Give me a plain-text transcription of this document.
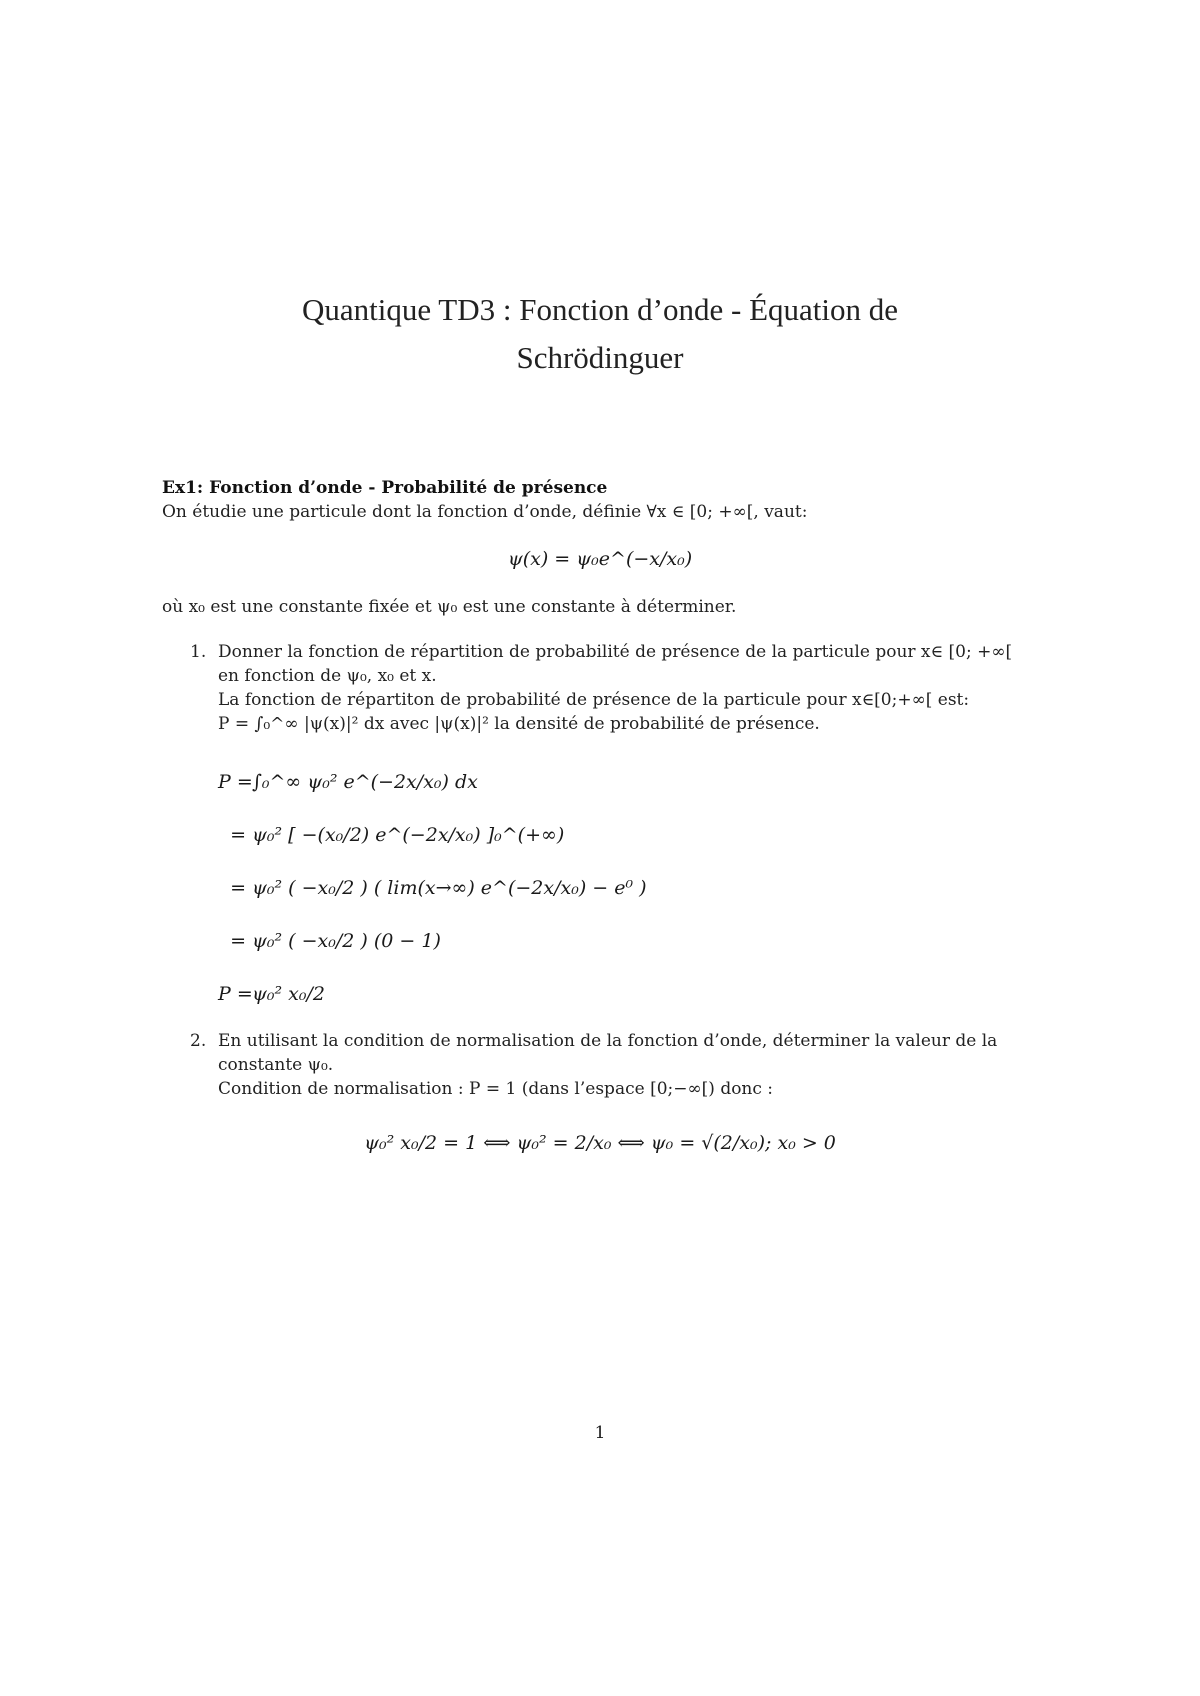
Quantique TD3 : Fonction d’onde - Équation de
Schrödinguer
Ex1: Fonction d’onde - Probabilité de présence
On étudie une particule dont la fonction d’onde, définie ∀x ∈ [0; +∞[, vaut:
ψ(x) = ψ₀e^(−x/x₀)
où x₀ est une constante fixée et ψ₀ est une constante à déterminer.
1. Donner la fonction de répartition de probabilité de présence de la particule pour x∈ [0; +∞[
en fonction de ψ₀, x₀ et x.
La fonction de répartiton de probabilité de présence de la particule pour x∈[0;+∞[ est:
P = ∫₀^∞ |ψ(x)|² dx avec |ψ(x)|² la densité de probabilité de présence.
P = ∫₀^∞ ψ₀² e^(−2x/x₀) dx
= ψ₀² [ −(x₀/2) e^(−2x/x₀) ]₀^(+∞)
= ψ₀² ( −x₀/2 ) ( lim(x→∞) e^(−2x/x₀) − e⁰ )
= ψ₀² ( −x₀/2 ) (0 − 1)
P = ψ₀² x₀/2
2. En utilisant la condition de normalisation de la fonction d’onde, déterminer la valeur de la
constante ψ₀.
Condition de normalisation : P = 1 (dans l’espace [0;−∞[) donc :
ψ₀² x₀/2 = 1 ⟺ ψ₀² = 2/x₀ ⟺ ψ₀ = √(2/x₀); x₀ > 0
1
